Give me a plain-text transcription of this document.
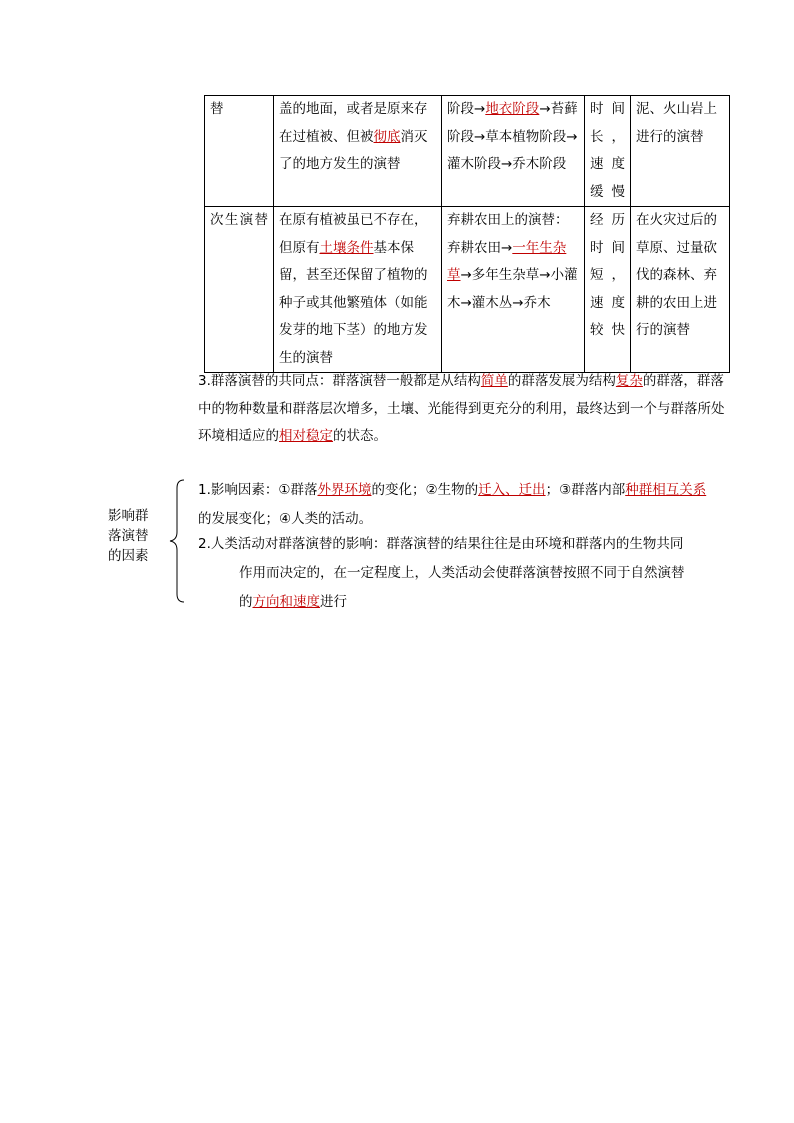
替	盖的地面，或者是原来存在过植被、但被彻底消灭了的地方发生的演替	阶段→地衣阶段→苔藓阶段→草本植物阶段→灌木阶段→乔木阶段	时间长，速度缓慢	泥、火山岩上进行的演替
次生演替	在原有植被虽已不存在，但原有土壤条件基本保留，甚至还保留了植物的种子或其他繁殖体（如能发芽的地下茎）的地方发生的演替	弃耕农田上的演替：弃耕农田→一年生杂草→多年生杂草→小灌木→灌木丛→乔木	经历时间短，速度较快	在火灾过后的草原、过量砍伐的森林、弃耕的农田上进行的演替
3.群落演替的共同点：群落演替一般都是从结构简单的群落发展为结构复杂的群落，群落中的物种数量和群落层次增多，土壤、光能得到更充分的利用，最终达到一个与群落所处环境相适应的相对稳定的状态。
影响群落演替的因素
1.影响因素：①群落外界环境的变化；②生物的迁入、迁出；③群落内部种群相互关系的发展变化；④人类的活动。
2.人类活动对群落演替的影响：群落演替的结果往往是由环境和群落内的生物共同
作用而决定的，在一定程度上，人类活动会使群落演替按照不同于自然演替
的方向和速度进行
